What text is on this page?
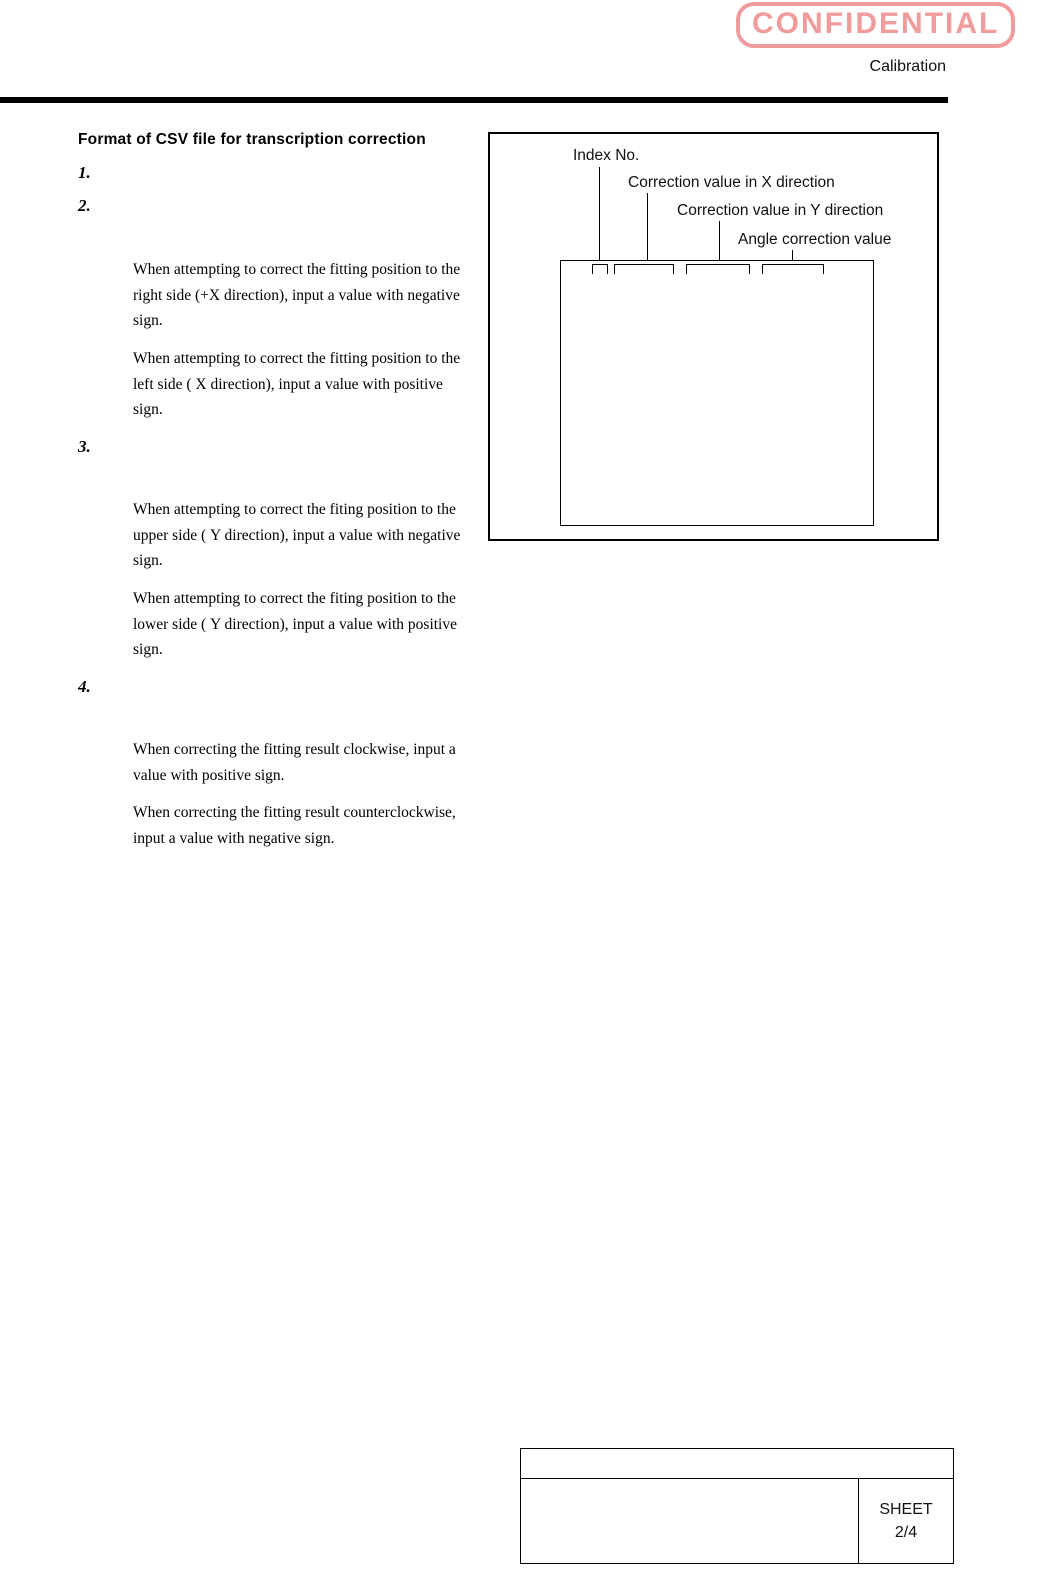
CONFIDENTIAL
Calibration
Format of CSV file for transcription correction
1.
2.
When attempting to correct the fitting position to the right side (+X direction), input a value with negative sign.
When attempting to correct the fitting position to the left side ( X direction), input a value with positive sign.
3.
When attempting to correct the fiting position to the upper side ( Y direction), input a value with negative sign.
When attempting to correct the fiting position to the lower side ( Y direction), input a value with positive sign.
4.
When correcting the fitting result clockwise, input a value with positive sign.
When correcting the fitting result counterclockwise, input a value with negative sign.
Index No.
Correction value in X direction
Correction value in Y direction
Angle correction value
SHEET
2/4
